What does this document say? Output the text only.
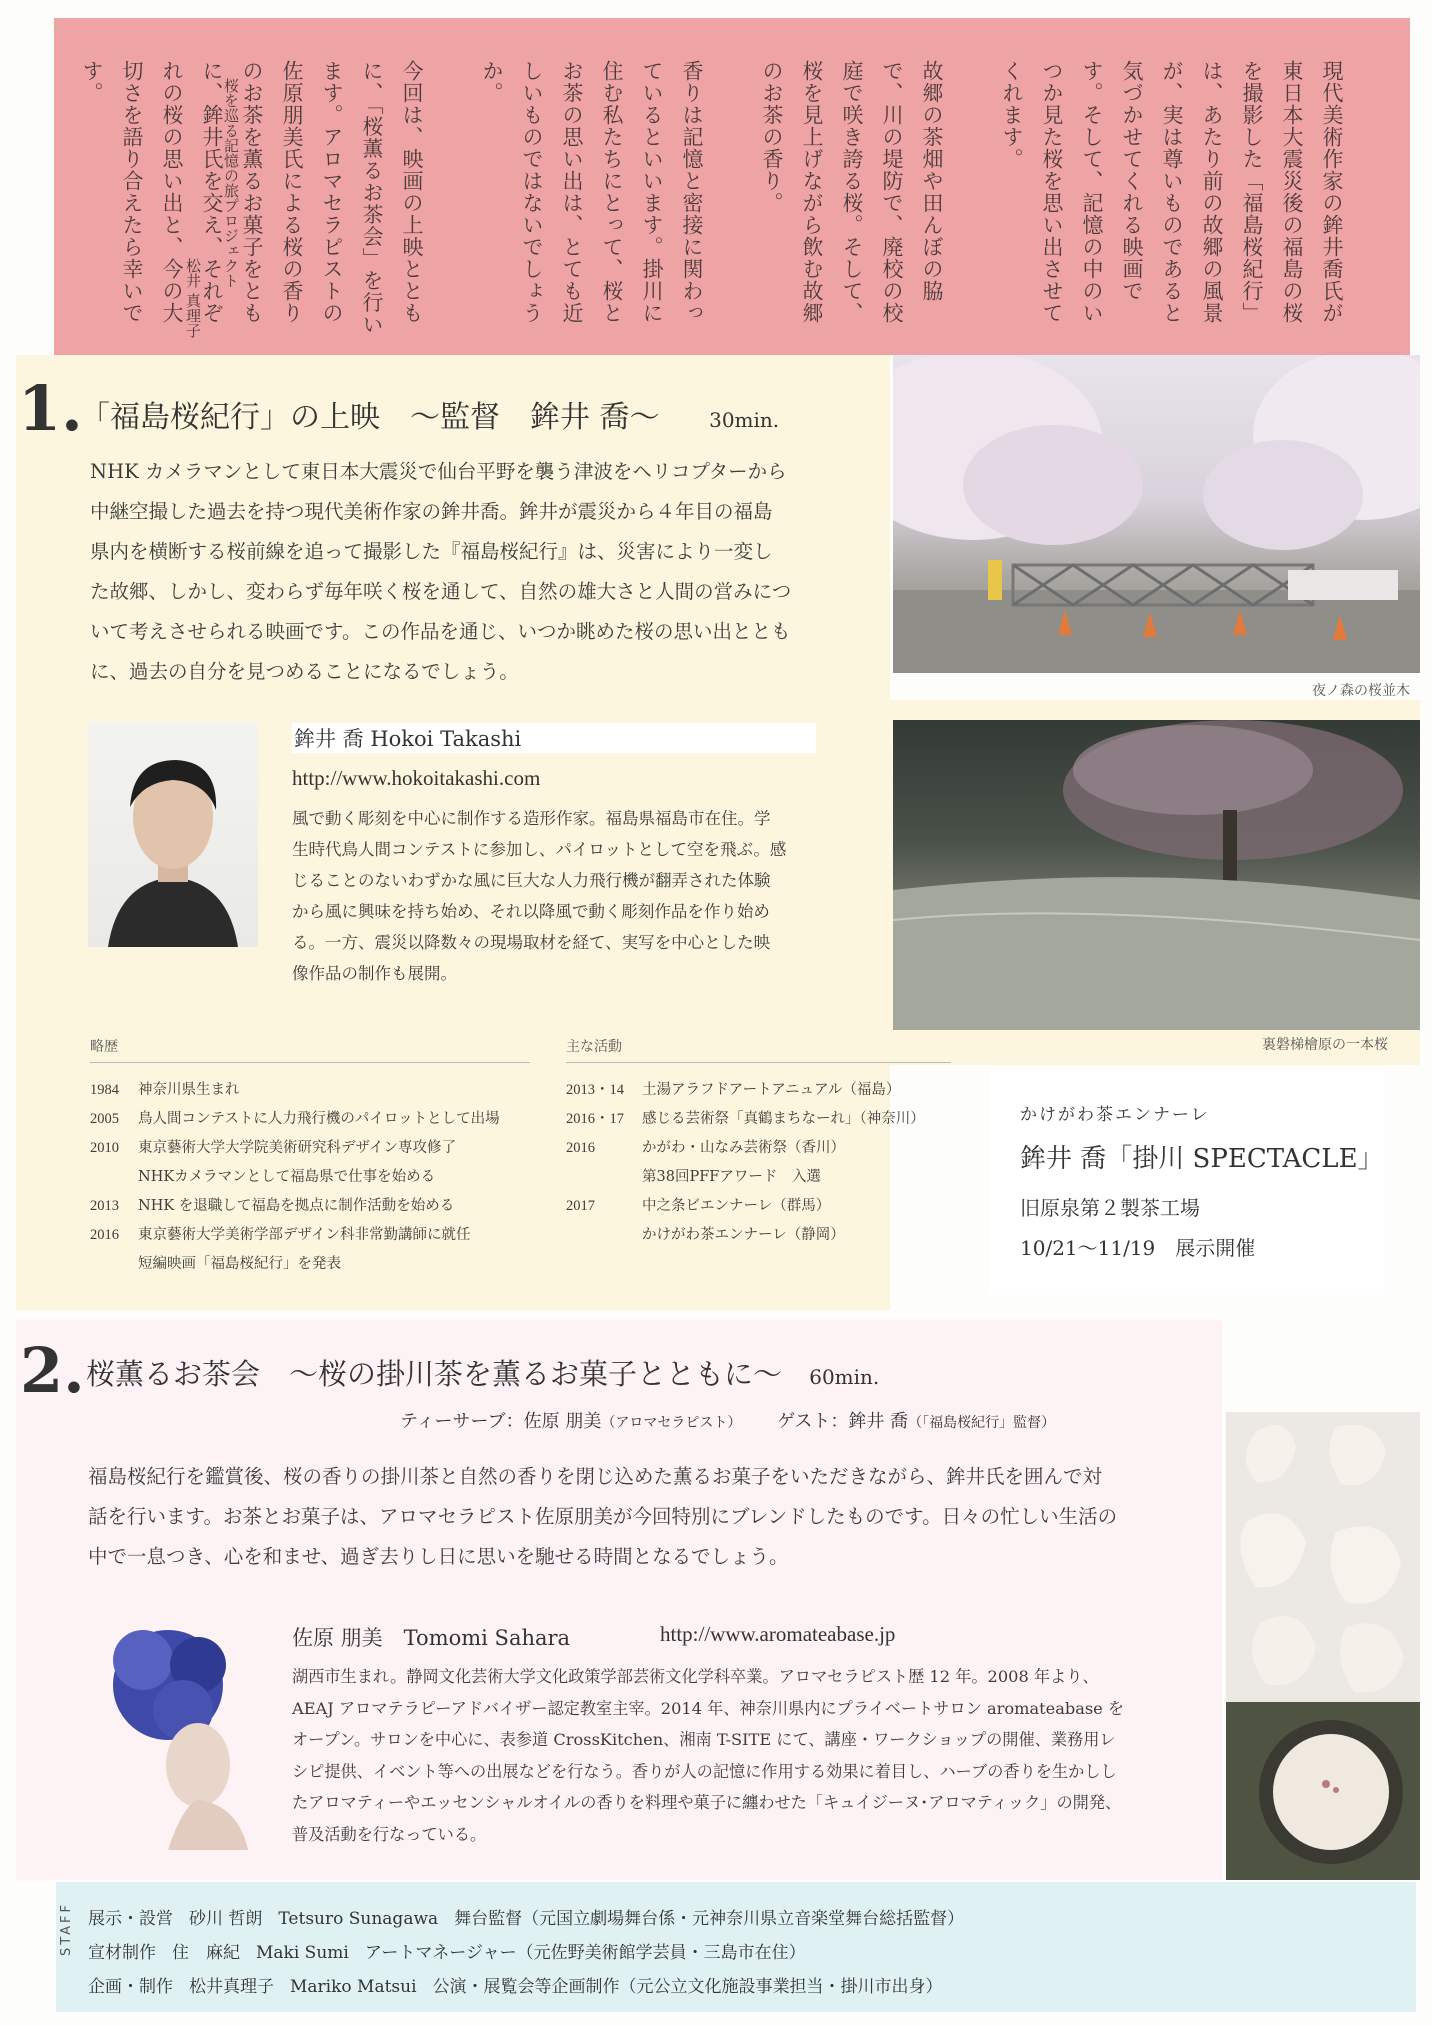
現代美術作家の鉾井喬氏が東日本大震災後の福島の桜を撮影した「福島桜紀行」は、あたり前の故郷の風景が、実は尊いものであると気づかせてくれる映画です。そして、記憶の中のいつか見た桜を思い出させてくれます。

故郷の茶畑や田んぼの脇で、川の堤防で、廃校の校庭で咲き誇る桜。そして、桜を見上げながら飲む故郷のお茶の香り。

香りは記憶と密接に関わっているといいます。掛川に住む私たちにとって、桜とお茶の思い出は、とても近しいものではないでしょうか。

今回は、映画の上映とともに、「桜薫るお茶会」を行います。アロマセラピストの佐原朋美氏による桜の香りのお茶を薫るお菓子をともに、鉾井氏を交え、それぞれの桜の思い出と、今の大切さを語り合えたら幸いです。	桜を巡る記憶の旅プロジェクト

松井 真理子
1.
「福島桜紀行」の上映　～監督　鉾井 喬～ 30min.

NHK カメラマンとして東日本大震災で仙台平野を襲う津波をヘリコプターから

中継空撮した過去を持つ現代美術作家の鉾井喬。鉾井が震災から４年目の福島

県内を横断する桜前線を追って撮影した『福島桜紀行』は、災害により一変し

た故郷、しかし、変わらず毎年咲く桜を通して、自然の雄大さと人間の営みにつ

いて考えさせられる映画です。この作品を通じ、いつか眺めた桜の思い出ととも

に、過去の自分を見つめることになるでしょう。

夜ノ森の桜並木
裏磐梯檜原の一本桜
鉾井 喬 Hokoi Takashi
http://www.hokoitakashi.com
風で動く彫刻を中心に制作する造形作家。福島県福島市在住。学
生時代鳥人間コンテストに参加し、パイロットとして空を飛ぶ。感
じることのないわずかな風に巨大な人力飛行機が翻弄された体験
から風に興味を持ち始め、それ以降風で動く彫刻作品を作り始め
る。一方、震災以降数々の現場取材を経て、実写を中心とした映
像作品の制作も展開。
略歴
1984	神奈川県生まれ
2005	鳥人間コンテストに人力飛行機のパイロットとして出場
2010	東京藝術大学大学院美術研究科デザイン専攻修了
NHKカメラマンとして福島県で仕事を始める
2013	NHK を退職して福島を拠点に制作活動を始める
2016	東京藝術大学美術学部デザイン科非常勤講師に就任
短編映画「福島桜紀行」を発表
主な活動
2013・14	土湯アラフドアートアニュアル（福島）
2016・17	感じる芸術祭「真鶴まちなーれ」（神奈川）
2016	かがわ・山なみ芸術祭（香川）
第38回PFFアワード　入選
2017	中之条ビエンナーレ（群馬）
かけがわ茶エンナーレ（静岡）
かけがわ茶エンナーレ
鉾井 喬「掛川 SPECTACLE」
旧原泉第２製茶工場
10/21～11/19　展示開催
2. 桜薫るお茶会　～桜の掛川茶を薫るお菓子とともに～ 60min.
ティーサーブ：佐原 朋美（アロマセラピスト） ゲスト：鉾井 喬（「福島桜紀行」監督）

福島桜紀行を鑑賞後、桜の香りの掛川茶と自然の香りを閉じ込めた薫るお菓子をいただきながら、鉾井氏を囲んで対

話を行います。お茶とお菓子は、アロマセラピスト佐原朋美が今回特別にブレンドしたものです。日々の忙しい生活の

中で一息つき、心を和ませ、過ぎ去りし日に思いを馳せる時間となるでしょう。

佐原 朋美　Tomomi Sahara	http://www.aromateabase.jp
湖西市生まれ。静岡文化芸術大学文化政策学部芸術文化学科卒業。アロマセラピスト歴 12 年。2008 年より、
AEAJ アロマテラピーアドバイザー認定教室主宰。2014 年、神奈川県内にプライベートサロン aromateabase を
オープン。サロンを中心に、表参道 CrossKitchen、湘南 T-SITE にて、講座・ワークショップの開催、業務用レ
シピ提供、イベント等への出展などを行なう。香りが人の記憶に作用する効果に着目し、ハーブの香りを生かしし
たアロマティーやエッセンシャルオイルの香りを料理や菓子に纏わせた「キュイジーヌ･アロマティック」の開発、
普及活動を行なっている。
STAFF 展示・設営 砂川 哲朗 Tetsuro Sunagawa 舞台監督（元国立劇場舞台係・元神奈川県立音楽堂舞台総括監督）
宣材制作 住　麻紀 Maki Sumi アートマネージャー（元佐野美術館学芸員・三島市在住）
企画・制作 松井真理子 Mariko Matsui 公演・展覧会等企画制作（元公立文化施設事業担当・掛川市出身）
